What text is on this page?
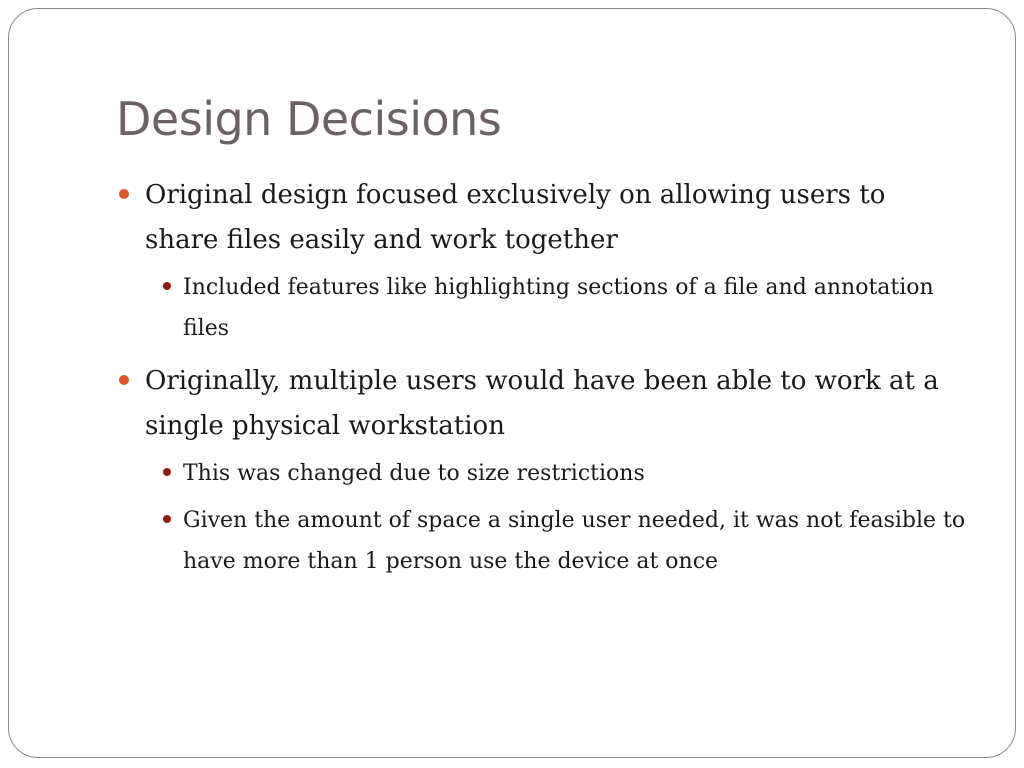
Design Decisions
Original design focused exclusively on allowing users to share files easily and work together
Included features like highlighting sections of a file and annotation files
Originally, multiple users would have been able to work at a single physical workstation
This was changed due to size restrictions
Given the amount of space a single user needed, it was not feasible to have more than 1 person use the device at once
